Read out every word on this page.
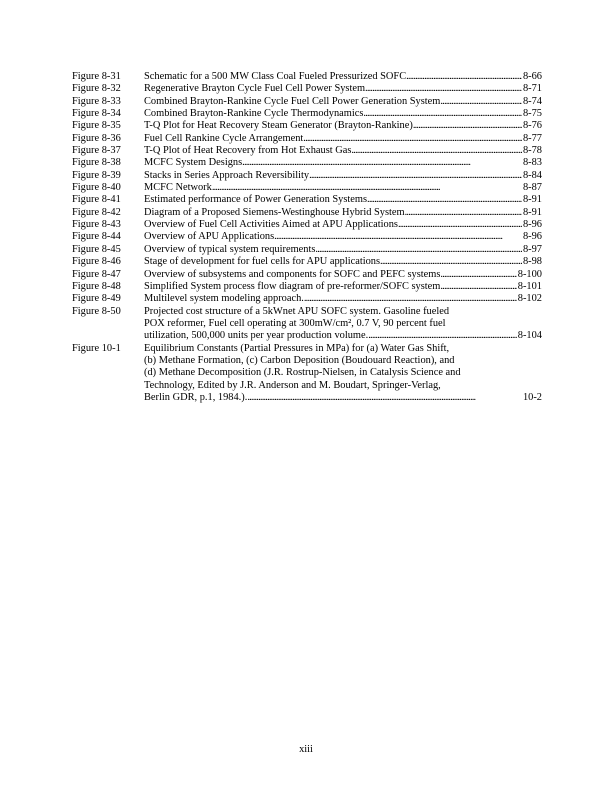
Figure 8-31	Schematic for a 500 MW Class Coal Fueled Pressurized SOFC . . .	8-66
Figure 8-32	Regenerative Brayton Cycle Fuel Cell Power System . . .	8-71
Figure 8-33	Combined Brayton-Rankine Cycle Fuel Cell Power Generation System . . .	8-74
Figure 8-34	Combined Brayton-Rankine Cycle Thermodynamics . . .	8-75
Figure 8-35	T-Q Plot for Heat Recovery Steam Generator (Brayton-Rankine) . . .	8-76
Figure 8-36	Fuel Cell Rankine Cycle Arrangement . . .	8-77
Figure 8-37	T-Q Plot of Heat Recovery from Hot Exhaust Gas . . .	8-78
Figure 8-38	MCFC System Designs . . .	8-83
Figure 8-39	Stacks in Series Approach Reversibility . . .	8-84
Figure 8-40	MCFC Network . . .	8-87
Figure 8-41	Estimated performance of Power Generation Systems . . .	8-91
Figure 8-42	Diagram of a Proposed Siemens-Westinghouse Hybrid System . . .	8-91
Figure 8-43	Overview of Fuel Cell Activities Aimed at APU Applications . . .	8-96
Figure 8-44	Overview of APU Applications . . .	8-96
Figure 8-45	Overview of typical system requirements . . .	8-97
Figure 8-46	Stage of development for fuel cells for APU applications . . .	8-98
Figure 8-47	Overview of subsystems and components for SOFC and PEFC systems . . .	8-100
Figure 8-48	Simplified System process flow diagram of pre-reformer/SOFC system . . .	8-101
Figure 8-49	Multilevel system modeling approach. . . .	8-102
Figure 8-50	Projected cost structure of a 5kWnet APU SOFC system. Gasoline fueled
POX reformer, Fuel cell operating at 300mW/cm², 0.7 V, 90 percent fuel
utilization, 500,000 units per year production volume. . . .	8-104
Figure 10-1	Equilibrium Constants (Partial Pressures in MPa) for (a) Water Gas Shift,
(b) Methane Formation, (c) Carbon Deposition (Boudouard Reaction), and
(d) Methane Decomposition (J.R. Rostrup-Nielsen, in Catalysis Science and
Technology, Edited by J.R. Anderson and M. Boudart, Springer-Verlag,
Berlin GDR, p.1, 1984.). . . .	10-2
xiii
